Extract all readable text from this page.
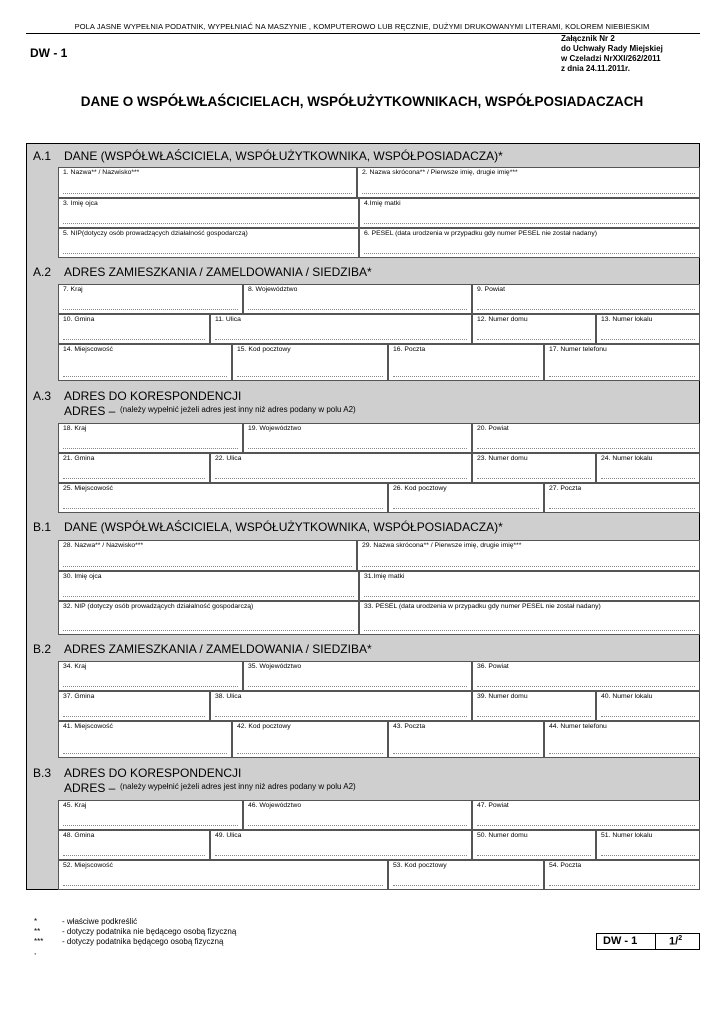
POLA JASNE WYPEŁNIA PODATNIK, WYPEŁNIAĆ NA MASZYNIE , KOMPUTEROWO LUB RĘCZNIE, DUŻYMI DRUKOWANYMI LITERAMI, KOLOREM NIEBIESKIM
DW - 1
Załącznik Nr 2
do Uchwały Rady Miejskiej
w Czeladzi NrXXI/262/2011
z dnia 24.11.2011r.
DANE O WSPÓŁWŁAŚCICIELACH, WSPÓŁUŻYTKOWNIKACH, WSPÓŁPOSIADACZACH
A.1 DANE (WSPÓŁWŁAŚCICIELA, WSPÓŁUŻYTKOWNIKA, WSPÓŁPOSIADACZA)*
1. Nazwa** / Nazwisko***	2. Nazwa skrócona** / Pierwsze imię, drugie imię***
3. Imię ojca	4.Imię matki
5. NIP(dotyczy osób prowadzących działalność gospodarczą)	6. PESEL (data urodzenia w przypadku gdy numer PESEL nie został nadany)
A.2 ADRES ZAMIESZKANIA / ZAMELDOWANIA / SIEDZIBA*
7. Kraj	8. Województwo	9. Powiat
10. Gmina	11. Ulica	12. Numer domu	13. Numer lokalu
14. Miejscowość	15. Kod pocztowy	16. Poczta	17. Numer telefonu
A.3 ADRES DO KORESPONDENCJI
ADRES – (należy wypełnić jeżeli adres jest inny niż adres podany w polu A2)
18. Kraj	19. Województwo	20. Powiat
21. Gmina	22. Ulica	23. Numer domu	24. Numer lokalu
25. Miejscowość	26. Kod pocztowy	27. Poczta
B.1 DANE (WSPÓŁWŁAŚCICIELA, WSPÓŁUŻYTKOWNIKA, WSPÓŁPOSIADACZA)*
28. Nazwa** / Nazwisko***	29. Nazwa skrócona** / Pierwsze imię, drugie imię***
30. Imię ojca	31.Imię matki
32. NIP (dotyczy osób prowadzących działalność gospodarczą)	33. PESEL (data urodzenia w przypadku gdy numer PESEL nie został nadany)
B.2 ADRES ZAMIESZKANIA / ZAMELDOWANIA / SIEDZIBA*
34. Kraj	35. Województwo	36. Powiat
37. Gmina	38. Ulica	39. Numer domu	40. Numer lokalu
41. Miejscowość	42. Kod pocztowy	43. Poczta	44. Numer telefonu
B.3 ADRES DO KORESPONDENCJI
ADRES – (należy wypełnić jeżeli adres jest inny niż adres podany w polu A2)
45. Kraj	46. Województwo	47. Powiat
48. Gmina	49. Ulica	50. Numer domu	51. Numer lokalu
52. Miejscowość	53. Kod pocztowy	54. Poczta
*	- właściwe podkreślić
**	- dotyczy podatnika nie będącego osobą fizyczną
*** - dotyczy podatnika będącego osobą fizyczną
,
DW - 1	1/$^2$
